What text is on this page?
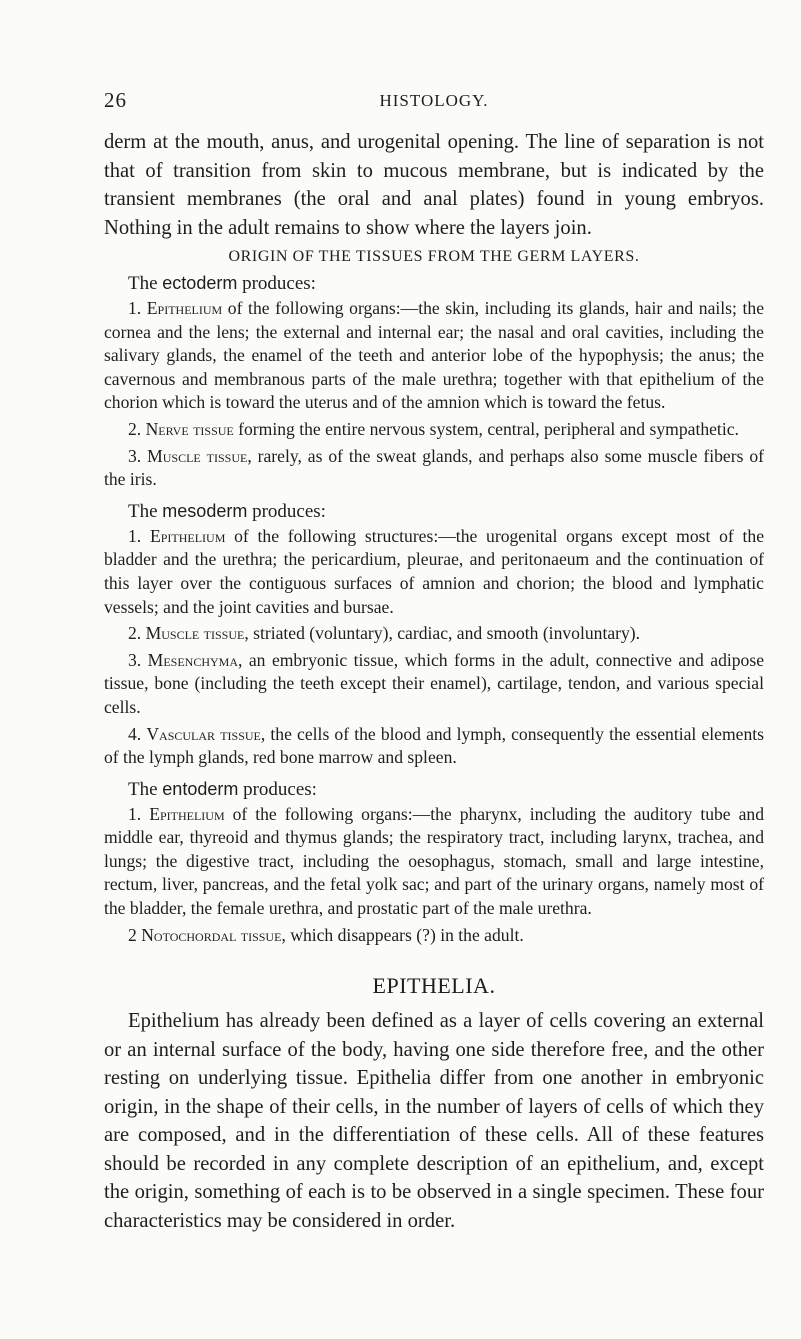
26	HISTOLOGY.

derm at the mouth, anus, and urogenital opening. The line of separation is not that of transition from skin to mucous membrane, but is indicated by the transient membranes (the oral and anal plates) found in young embryos. Nothing in the adult remains to show where the layers join.

ORIGIN OF THE TISSUES FROM THE GERM LAYERS.

The ectoderm produces:

1. Epithelium of the following organs:—the skin, including its glands, hair and nails; the cornea and the lens; the external and internal ear; the nasal and oral cavities, including the salivary glands, the enamel of the teeth and anterior lobe of the hypophysis; the anus; the cavernous and membranous parts of the male urethra; together with that epithelium of the chorion which is toward the uterus and of the amnion which is toward the fetus.

2. Nerve tissue forming the entire nervous system, central, peripheral and sympathetic.

3. Muscle tissue, rarely, as of the sweat glands, and perhaps also some muscle fibers of the iris.

The mesoderm produces:

1. Epithelium of the following structures:—the urogenital organs except most of the bladder and the urethra; the pericardium, pleurae, and peritonaeum and the continuation of this layer over the contiguous surfaces of amnion and chorion; the blood and lymphatic vessels; and the joint cavities and bursae.

2. Muscle tissue, striated (voluntary), cardiac, and smooth (involuntary).

3. Mesenchyma, an embryonic tissue, which forms in the adult, connective and adipose tissue, bone (including the teeth except their enamel), cartilage, tendon, and various special cells.

4. Vascular tissue, the cells of the blood and lymph, consequently the essential elements of the lymph glands, red bone marrow and spleen.

The entoderm produces:

1. Epithelium of the following organs:—the pharynx, including the auditory tube and middle ear, thyreoid and thymus glands; the respiratory tract, including larynx, trachea, and lungs; the digestive tract, including the oesophagus, stomach, small and large intestine, rectum, liver, pancreas, and the fetal yolk sac; and part of the urinary organs, namely most of the bladder, the female urethra, and prostatic part of the male urethra.

2 Notochordal tissue, which disappears (?) in the adult.

EPITHELIA.

Epithelium has already been defined as a layer of cells covering an external or an internal surface of the body, having one side therefore free, and the other resting on underlying tissue. Epithelia differ from one another in embryonic origin, in the shape of their cells, in the number of layers of cells of which they are composed, and in the differentiation of these cells. All of these features should be recorded in any complete description of an epithelium, and, except the origin, something of each is to be observed in a single specimen. These four characteristics may be considered in order.
